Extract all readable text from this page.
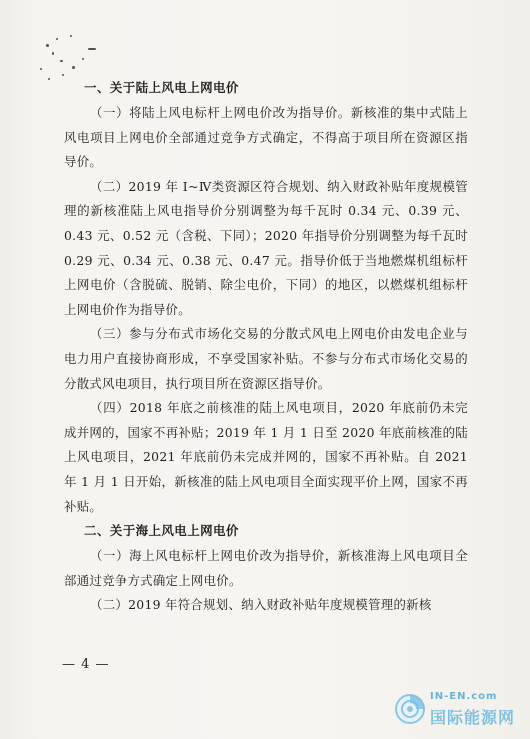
一、关于陆上风电上网电价

（一）将陆上风电标杆上网电价改为指导价。新核准的集中式陆上风电项目上网电价全部通过竞争方式确定，不得高于项目所在资源区指导价。

（二）2019 年 Ⅰ~Ⅳ类资源区符合规划、纳入财政补贴年度规模管理的新核准陆上风电指导价分别调整为每千瓦时 0.34 元、0.39 元、0.43 元、0.52 元（含税、下同）；2020 年指导价分别调整为每千瓦时 0.29 元、0.34 元、0.38 元、0.47 元。指导价低于当地燃煤机组标杆上网电价（含脱硫、脱销、除尘电价，下同）的地区，以燃煤机组标杆上网电价作为指导价。

（三）参与分布式市场化交易的分散式风电上网电价由发电企业与电力用户直接协商形成，不享受国家补贴。不参与分布式市场化交易的分散式风电项目，执行项目所在资源区指导价。

（四）2018 年底之前核准的陆上风电项目，2020 年底前仍未完成并网的，国家不再补贴；2019 年 1 月 1 日至 2020 年底前核准的陆上风电项目，2021 年底前仍未完成并网的，国家不再补贴。自 2021 年 1 月 1 日开始，新核准的陆上风电项目全面实现平价上网，国家不再补贴。

二、关于海上风电上网电价

（一）海上风电标杆上网电价改为指导价，新核准海上风电项目全部通过竞争方式确定上网电价。

（二）2019 年符合规划、纳入财政补贴年度规模管理的新核

— 4 —
IN-EN.com
国际能源网
